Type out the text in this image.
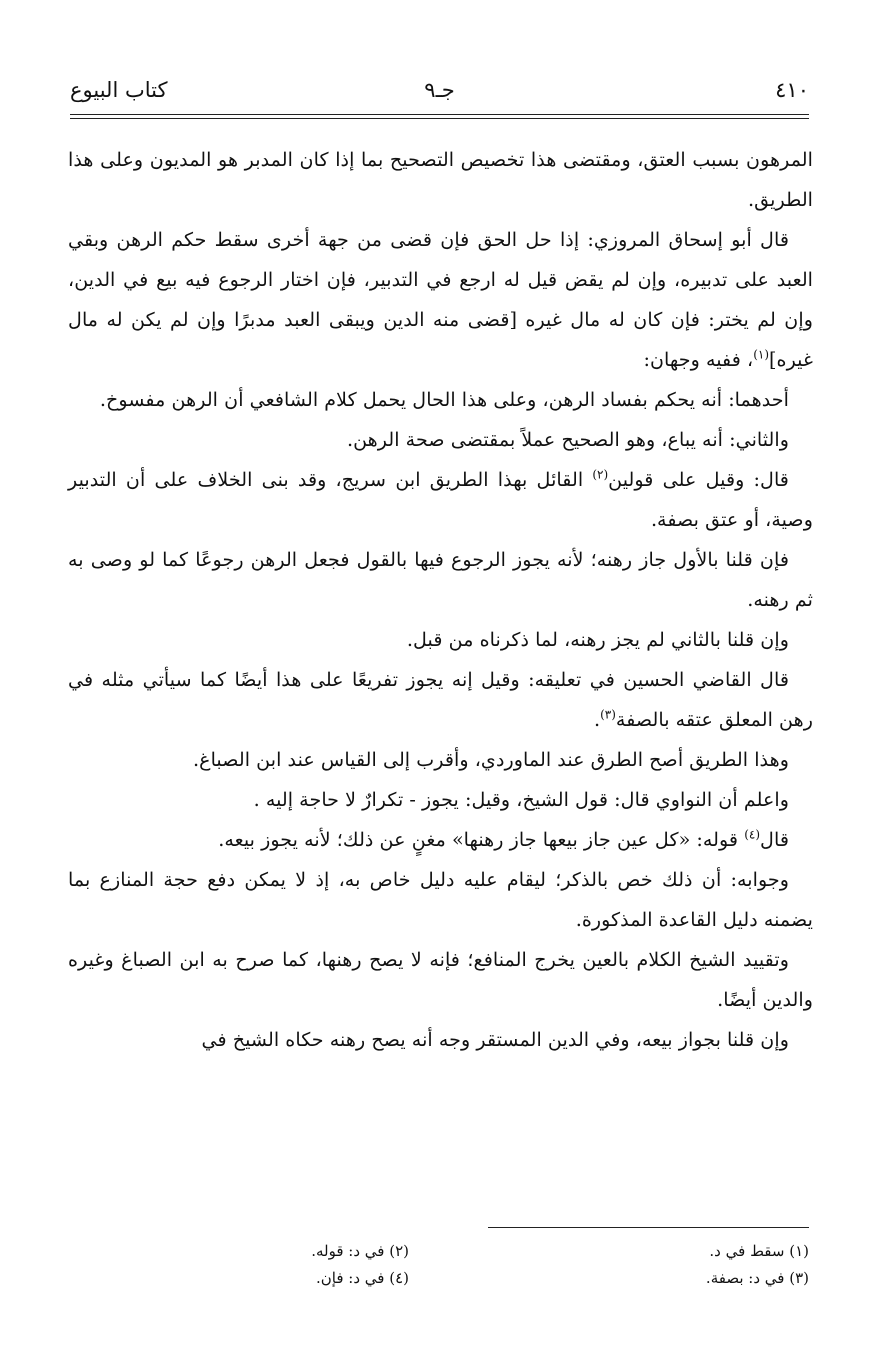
٤١٠
جـ٩
كتاب البيوع

المرهون بسبب العتق، ومقتضى هذا تخصيص التصحيح بما إذا كان المدبر هو المديون وعلى هذا الطريق.

قال أبو إسحاق المروزي: إذا حل الحق فإن قضى من جهة أخرى سقط حكم الرهن وبقي العبد على تدبيره، وإن لم يقض قيل له ارجع في التدبير، فإن اختار الرجوع فيه بيع في الدين، وإن لم يختر: فإن كان له مال غيره [قضى منه الدين ويبقى العبد مدبرًا وإن لم يكن له مال غيره]$^{(١)}$، ففيه وجهان:

أحدهما: أنه يحكم بفساد الرهن، وعلى هذا الحال يحمل كلام الشافعي أن الرهن مفسوخ.

والثاني: أنه يباع، وهو الصحيح عملاً بمقتضى صحة الرهن.

قال: وقيل على قولين$^{(٢)}$ القائل بهذا الطريق ابن سريج، وقد بنى الخلاف على أن التدبير وصية، أو عتق بصفة.

فإن قلنا بالأول جاز رهنه؛ لأنه يجوز الرجوع فيها بالقول فجعل الرهن رجوعًا كما لو وصى به ثم رهنه.

وإن قلنا بالثاني لم يجز رهنه، لما ذكرناه من قبل.

قال القاضي الحسين في تعليقه: وقيل إنه يجوز تفريعًا على هذا أيضًا كما سيأتي مثله في رهن المعلق عتقه بالصفة$^{(٣)}$.

وهذا الطريق أصح الطرق عند الماوردي، وأقرب إلى القياس عند ابن الصباغ.

واعلم أن النواوي قال: قول الشيخ، وقيل: يجوز - تكرارٌ لا حاجة إليه .

قال$^{(٤)}$ قوله: «كل عين جاز بيعها جاز رهنها» مغنٍ عن ذلك؛ لأنه يجوز بيعه.

وجوابه: أن ذلك خص بالذكر؛ ليقام عليه دليل خاص به، إذ لا يمكن دفع حجة المنازع بما يضمنه دليل القاعدة المذكورة.

وتقييد الشيخ الكلام بالعين يخرج المنافع؛ فإنه لا يصح رهنها، كما صرح به ابن الصباغ وغيره والدين أيضًا.

وإن قلنا بجواز بيعه، وفي الدين المستقر وجه أنه يصح رهنه حكاه الشيخ في

(١) سقط في د.
(٢) في د: قوله.
(٣) في د: بصفة.
(٤) في د: فإن.
